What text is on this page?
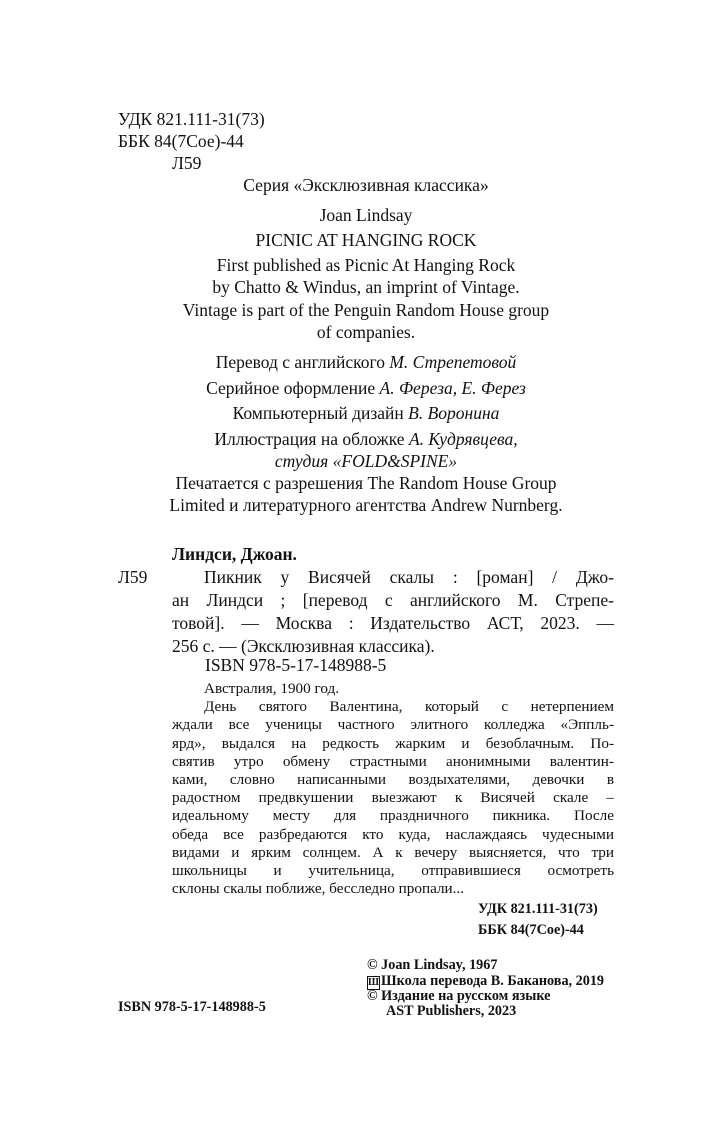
УДК 821.111-31(73)
ББК 84(7Сое)-44
Л59
Серия «Эксклюзивная классика»
Joan Lindsay
PICNIC AT HANGING ROCK
First published as Picnic At Hanging Rock
by Chatto & Windus, an imprint of Vintage.
Vintage is part of the Penguin Random House group
of companies.
Перевод с английского М. Стрепетовой
Серийное оформление А. Фереза, Е. Ферез
Компьютерный дизайн В. Воронина
Иллюстрация на обложке А. Кудрявцева,
студия «FOLD&SPINE»
Печатается с разрешения The Random House Group
Limited и литературного агентства Andrew Nurnberg.
Линдси, Джоан.
Л59	Пикник у Висячей скалы : [роман] / Джо-
ан Линдси ; [перевод с английского М. Стрепе-
товой]. — Москва : Издательство АСТ, 2023. —
256 с. — (Эксклюзивная классика).
ISBN 978-5-17-148988-5
Австралия, 1900 год.
День святого Валентина, который с нетерпением
ждали все ученицы частного элитного колледжа «Эппль-
ярд», выдался на редкость жарким и безоблачным. По-
святив утро обмену страстными анонимными валентин-
ками, словно написанными воздыхателями, девочки в
радостном предвкушении выезжают к Висячей скале –
идеальному месту для праздничного пикника. После
обеда все разбредаются кто куда, наслаждаясь чудесными
видами и ярким солнцем. А к вечеру выясняется, что три
школьницы и учительница, отправившиеся осмотреть
склоны скалы поближе, бесследно пропали...
УДК 821.111-31(73)
ББК 84(7Сое)-44
ISBN 978-5-17-148988-5
© Joan Lindsay, 1967
Ш Школа перевода В. Баканова, 2019
© Издание на русском языке
AST Publishers, 2023
